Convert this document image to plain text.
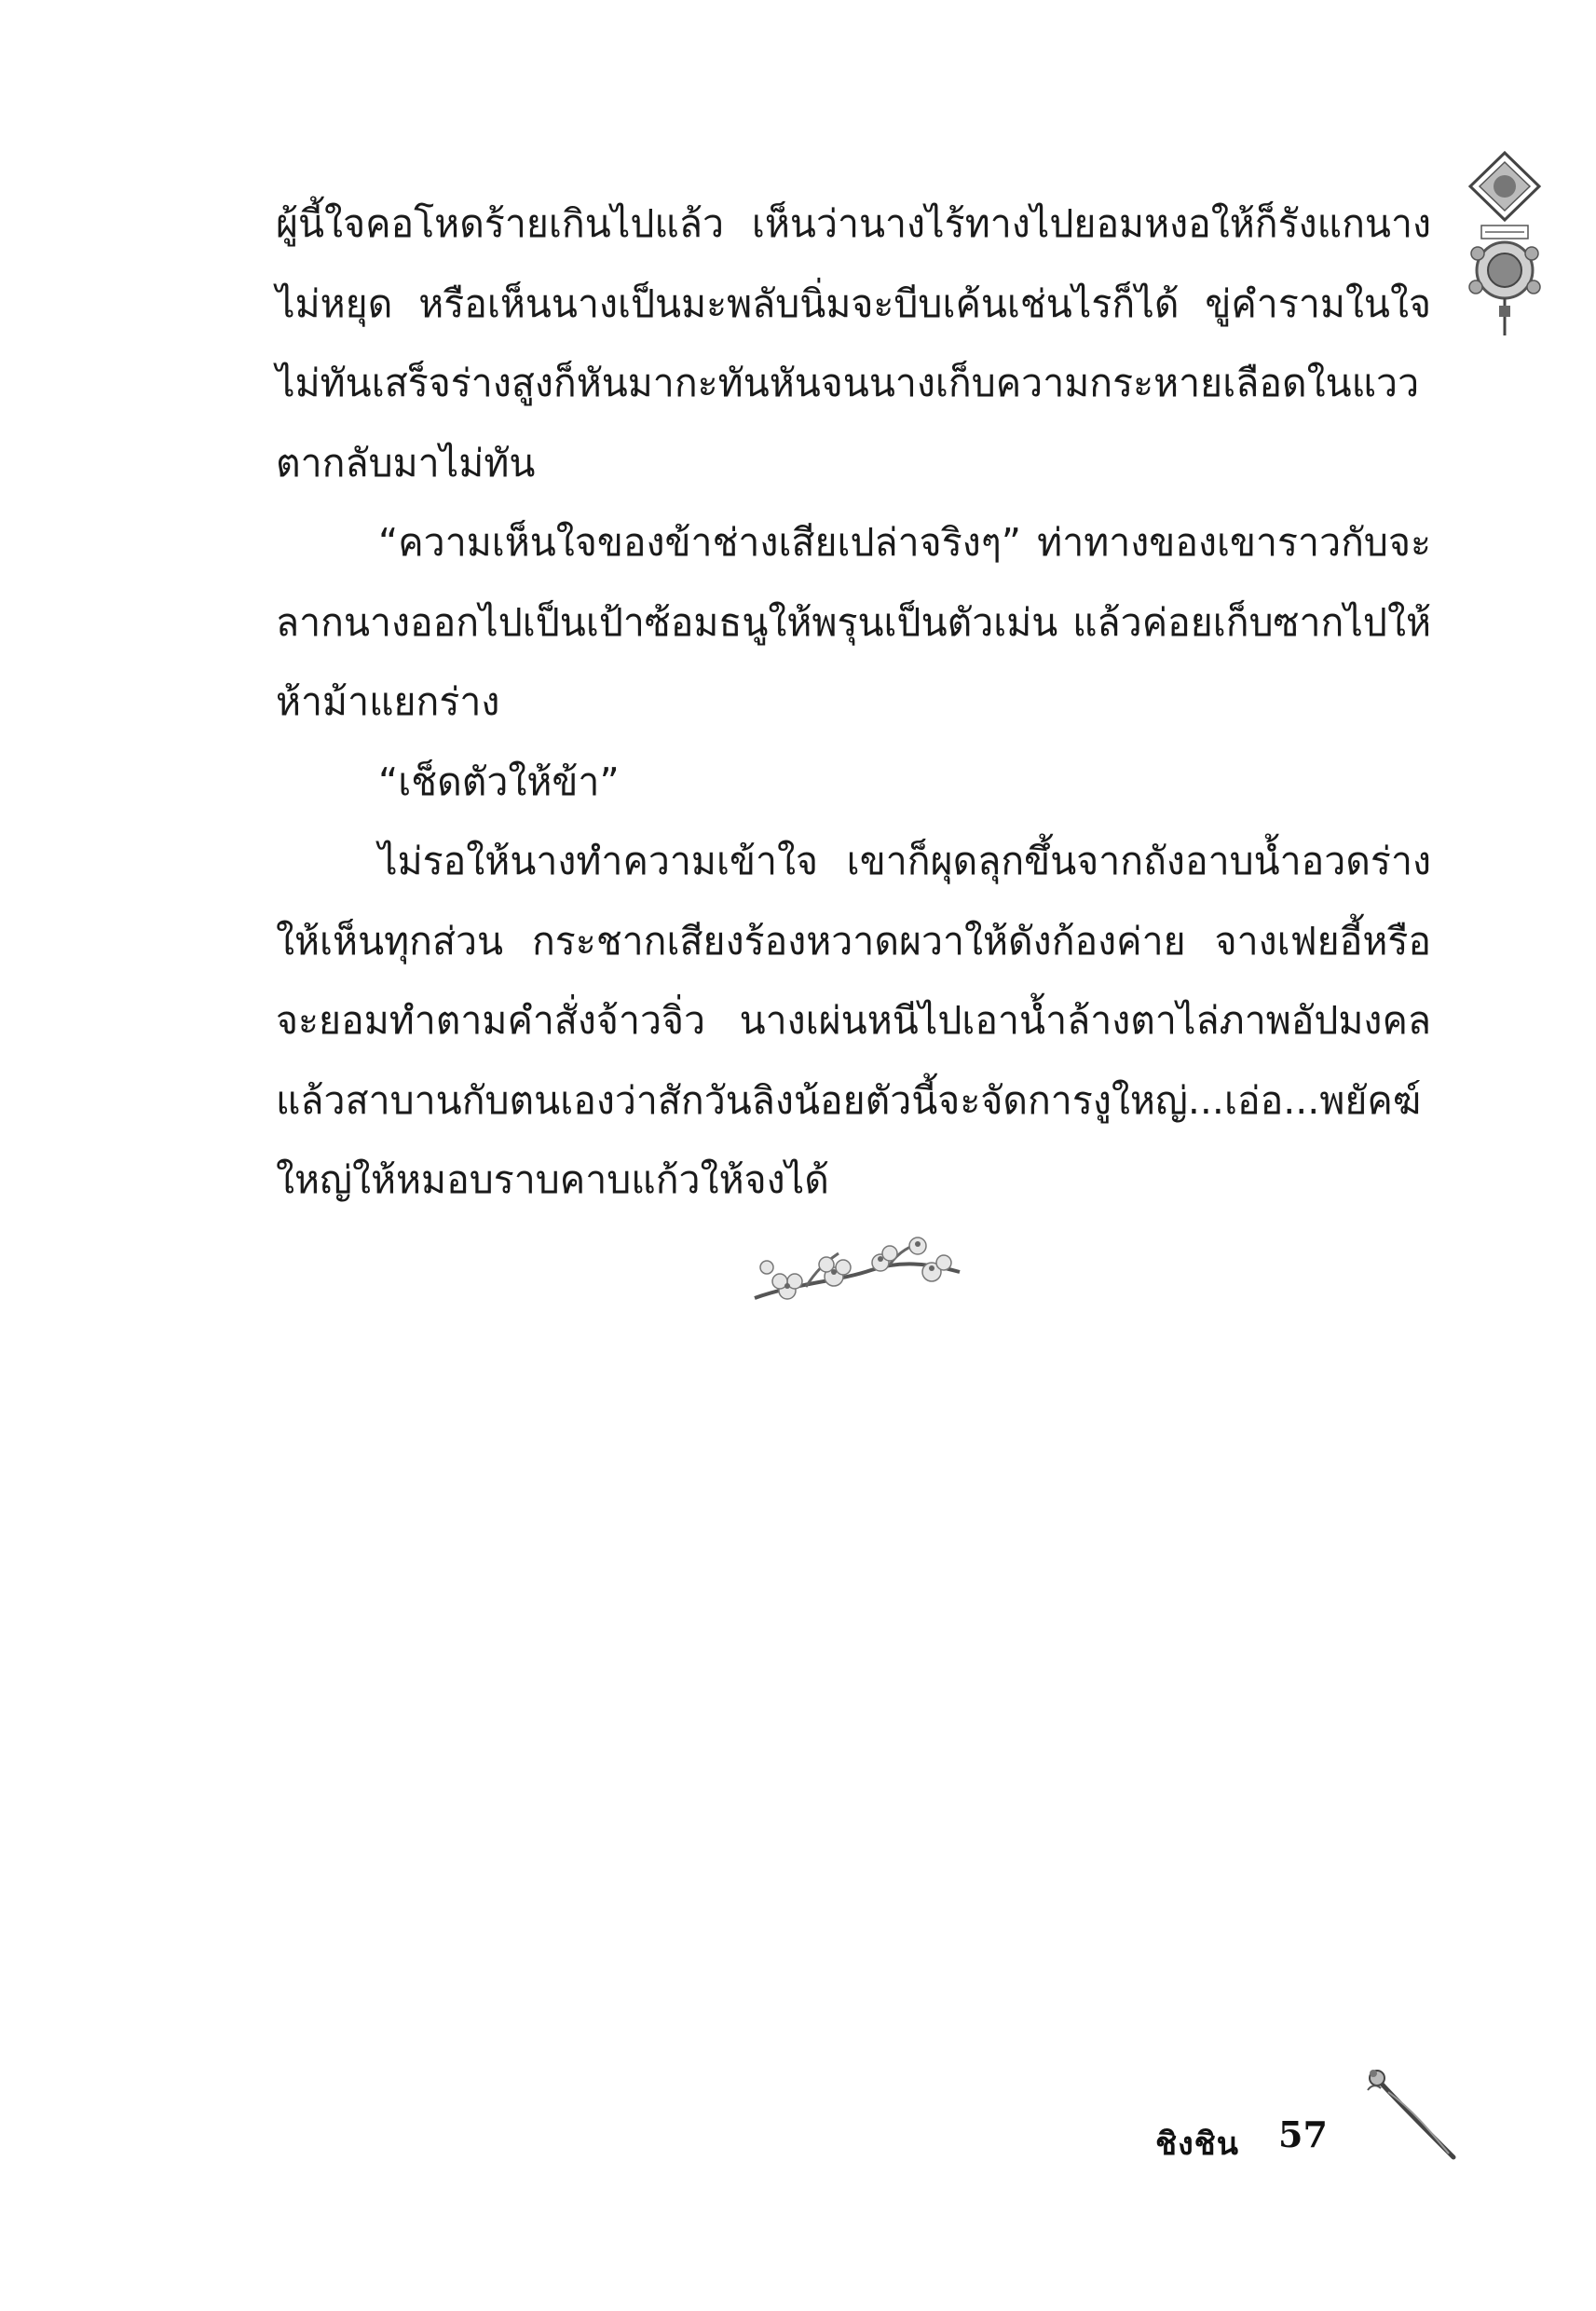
ผู้นี้ใจคอโหดร้ายเกินไปแล้ว เห็นว่านางไร้ทางไปยอมหงอให้ก็รังแกนางไม่หยุด หรือเห็นนางเป็นมะพลับนิ่มจะบีบเค้นเช่นไรก็ได้ ขู่คำรามในใจไม่ทันเสร็จร่างสูงก็หันมากะทันหันจนนางเก็บความกระหายเลือดในแววตากลับมาไม่ทัน

“ความเห็นใจของข้าช่างเสียเปล่าจริงๆ” ท่าทางของเขาราวกับจะลากนางออกไปเป็นเป้าซ้อมธนูให้พรุนเป็นตัวเม่น แล้วค่อยเก็บซากไปให้ห้าม้าแยกร่าง

“เช็ดตัวให้ข้า”

ไม่รอให้นางทำความเข้าใจ เขาก็ผุดลุกขึ้นจากถังอาบน้ำอวดร่างให้เห็นทุกส่วน กระชากเสียงร้องหวาดผวาให้ดังก้องค่าย จางเฟยอี้หรือจะยอมทำตามคำสั่งจ้าวจิ่ว นางเผ่นหนีไปเอาน้ำล้างตาไล่ภาพอัปมงคลแล้วสาบานกับตนเองว่าสักวันลิงน้อยตัวนี้จะจัดการงูใหญ่...เอ่อ...พยัคฆ์ใหญ่ให้หมอบราบคาบแก้วให้จงได้

ชิงชิน 57
